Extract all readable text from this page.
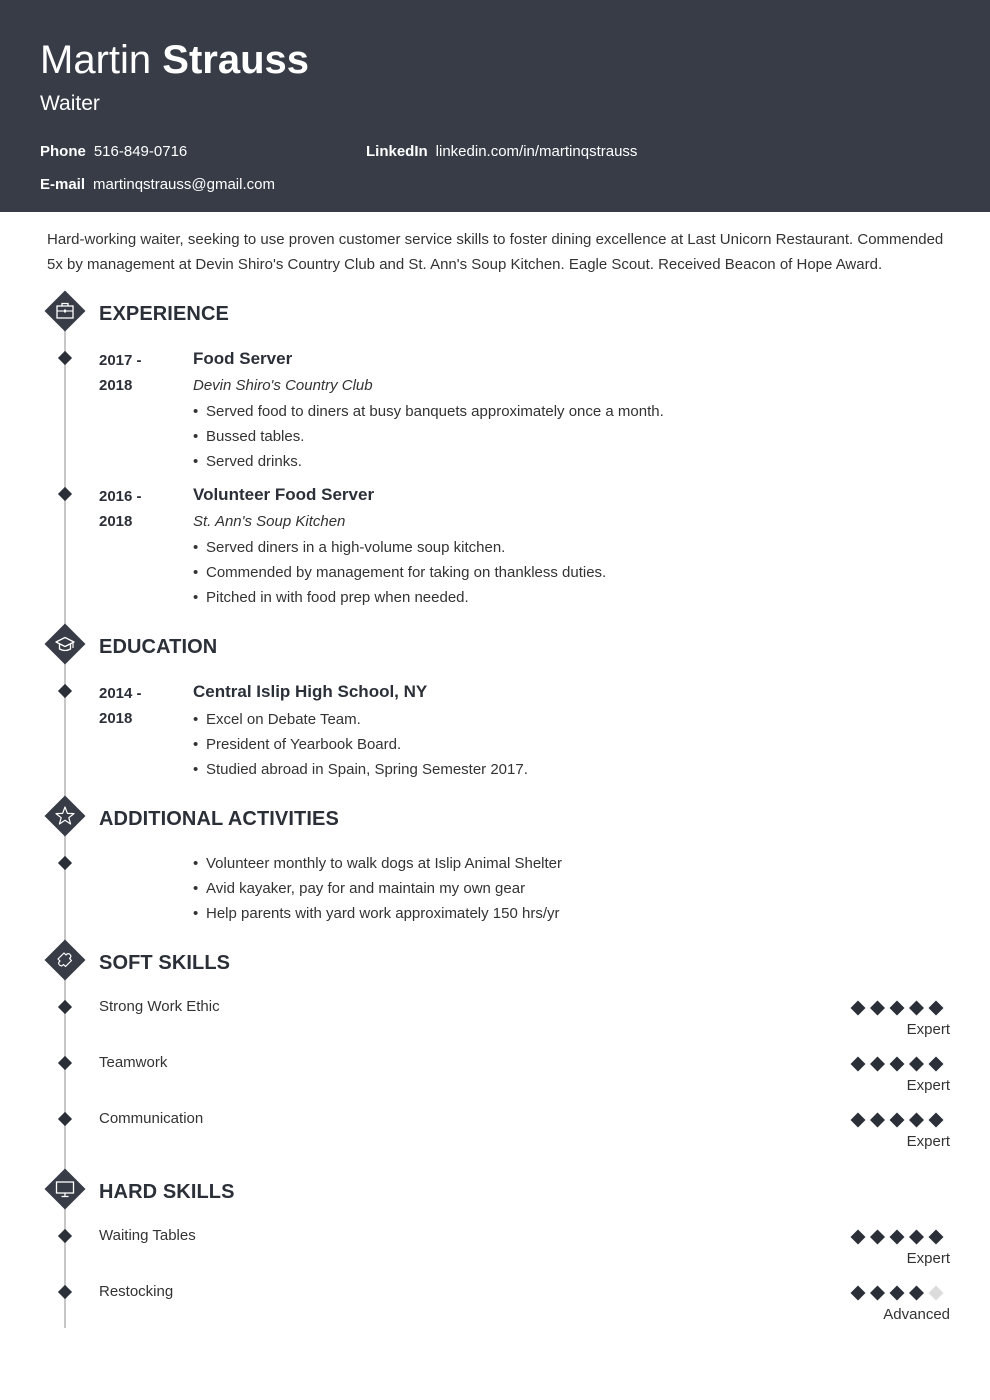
Martin Strauss
Waiter
Phone 516-849-0716	LinkedIn linkedin.com/in/martinqstrauss
E-mail martinqstrauss@gmail.com
Hard-working waiter, seeking to use proven customer service skills to foster dining excellence at Last Unicorn Restaurant. Commended 5x by management at Devin Shiro's Country Club and St. Ann's Soup Kitchen. Eagle Scout. Received Beacon of Hope Award.
EXPERIENCE
2017 -
2018
Food Server
Devin Shiro's Country Club
• Served food to diners at busy banquets approximately once a month.
• Bussed tables.
• Served drinks.
2016 -
2018
Volunteer Food Server
St. Ann's Soup Kitchen
• Served diners in a high-volume soup kitchen.
• Commended by management for taking on thankless duties.
• Pitched in with food prep when needed.
EDUCATION
2014 -
2018
Central Islip High School, NY
• Excel on Debate Team.
• President of Yearbook Board.
• Studied abroad in Spain, Spring Semester 2017.
ADDITIONAL ACTIVITIES
• Volunteer monthly to walk dogs at Islip Animal Shelter
• Avid kayaker, pay for and maintain my own gear
• Help parents with yard work approximately 150 hrs/yr
SOFT SKILLS
Strong Work Ethic
Expert
Teamwork
Expert
Communication
Expert
HARD SKILLS
Waiting Tables
Expert
Restocking
Advanced
